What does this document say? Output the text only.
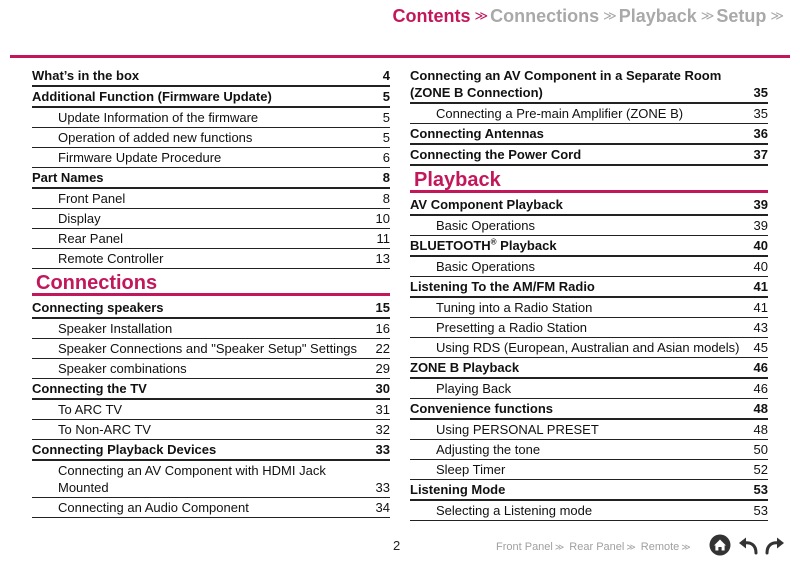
Contents ≫ Connections ≫ Playback ≫ Setup ≫
What’s in the box	4
Additional Function (Firmware Update)	5
Update Information of the firmware	5
Operation of added new functions	5
Firmware Update Procedure	6
Part Names	8
Front Panel	8
Display	10
Rear Panel	11
Remote Controller	13
Connections
Connecting speakers	15
Speaker Installation	16
Speaker Connections and "Speaker Setup" Settings	22
Speaker combinations	29
Connecting the TV	30
To ARC TV	31
To Non-ARC TV	32
Connecting Playback Devices	33
Connecting an AV Component with HDMI Jack Mounted	33
Connecting an Audio Component	34
Connecting an AV Component in a Separate Room (ZONE B Connection)	35
Connecting a Pre-main Amplifier (ZONE B)	35
Connecting Antennas	36
Connecting the Power Cord	37
Playback
AV Component Playback	39
Basic Operations	39
BLUETOOTH® Playback	40
Basic Operations	40
Listening To the AM/FM Radio	41
Tuning into a Radio Station	41
Presetting a Radio Station	43
Using RDS (European, Australian and Asian models)	45
ZONE B Playback	46
Playing Back	46
Convenience functions	48
Using PERSONAL PRESET	48
Adjusting the tone	50
Sleep Timer	52
Listening Mode	53
Selecting a Listening mode	53
2	Front Panel ≫ Rear Panel ≫ Remote ≫
